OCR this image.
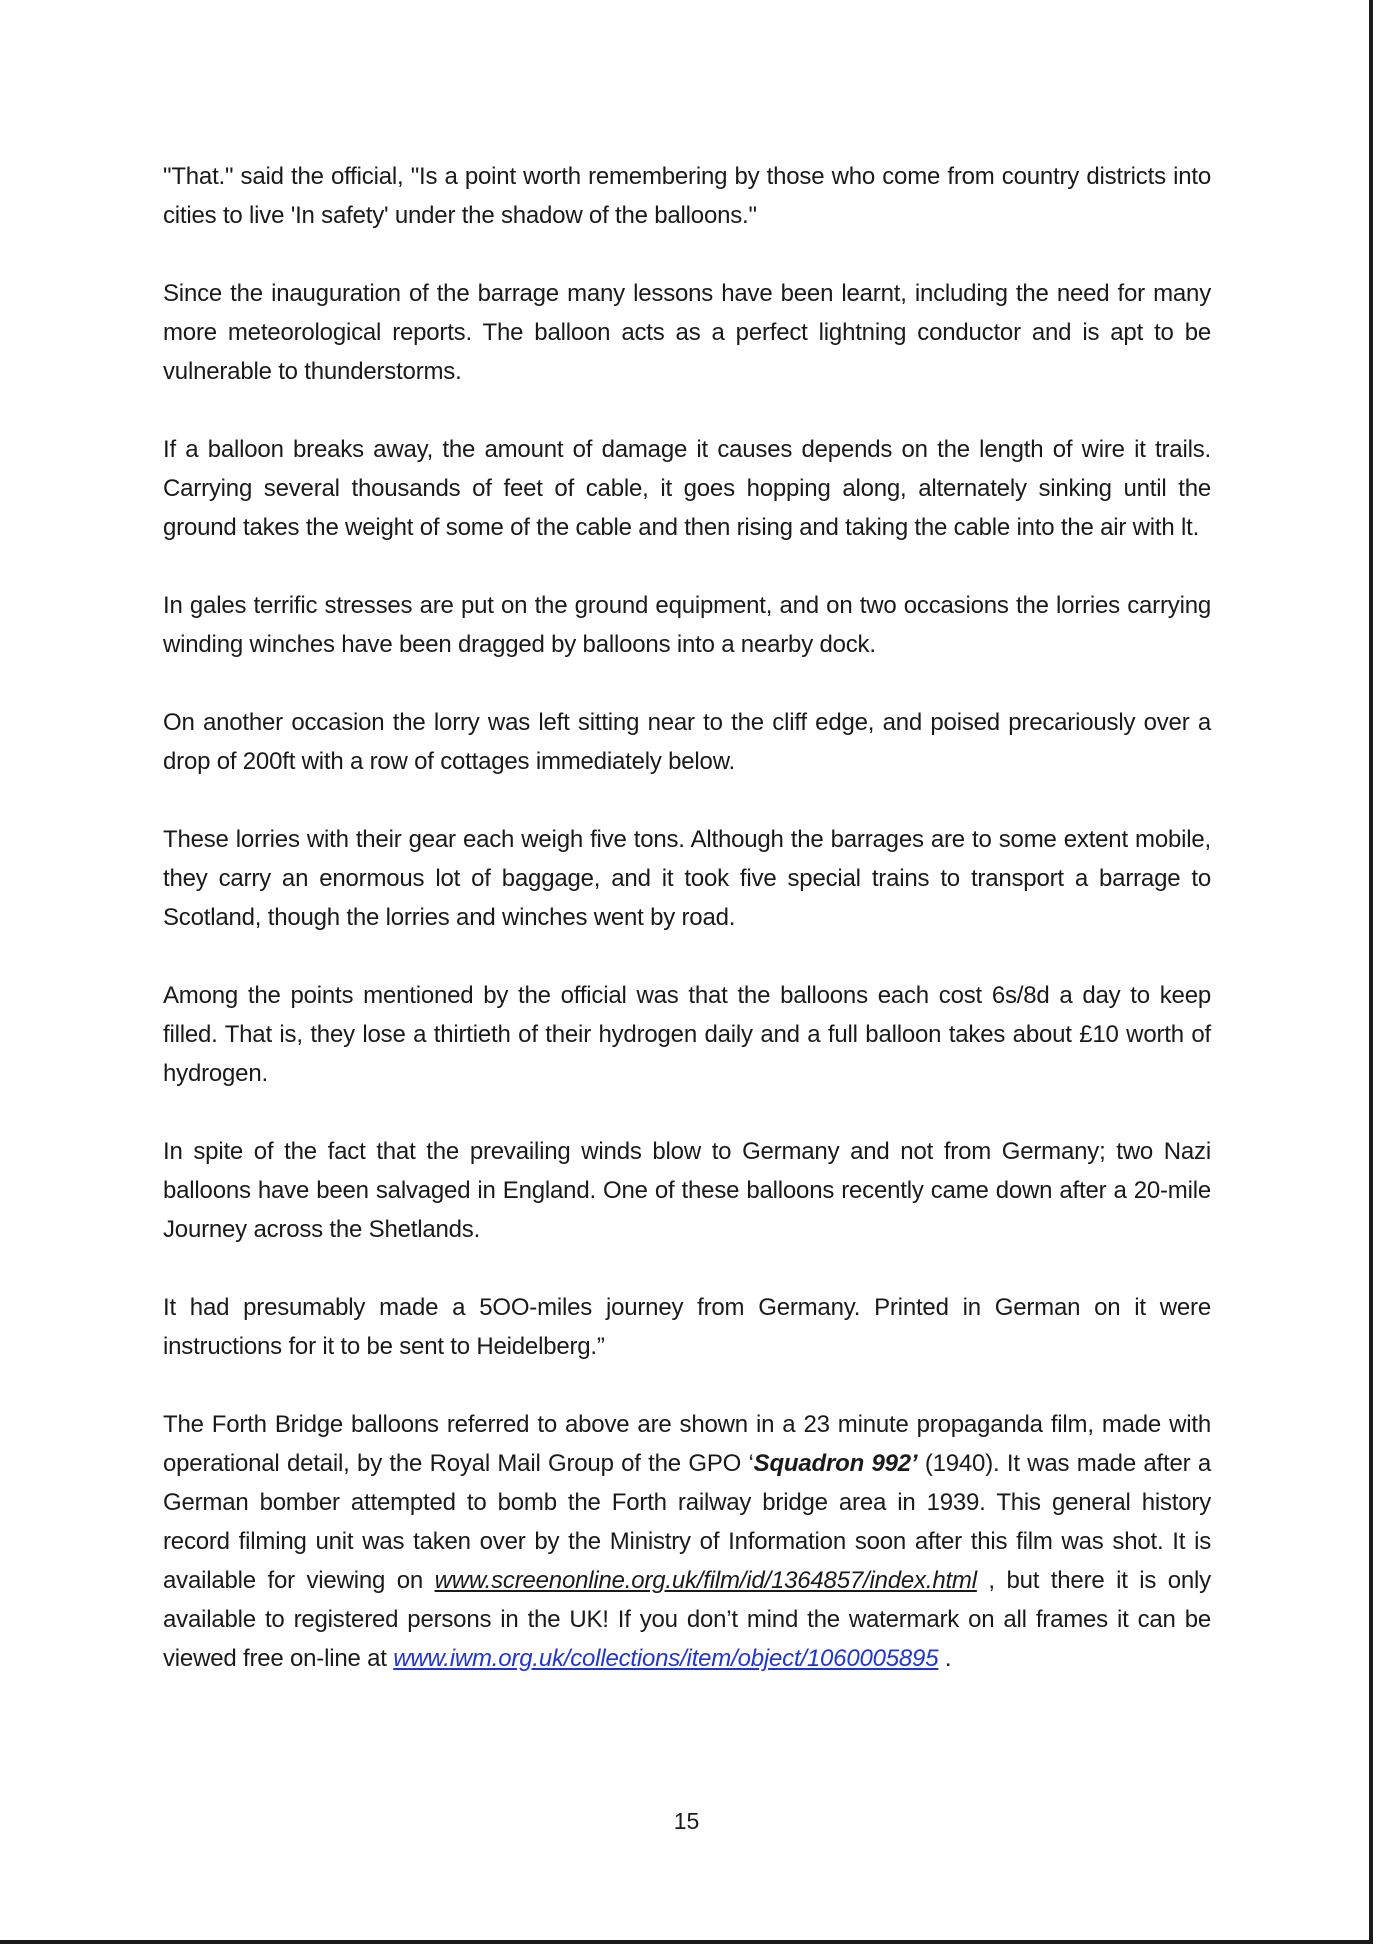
"That." said the official, "Is a point worth remembering by those who come from country districts into cities to live 'In safety' under the shadow of the balloons."

Since the inauguration of the barrage many lessons have been learnt, including the need for many more meteorological reports. The balloon acts as a perfect lightning conductor and is apt to be vulnerable to thunderstorms.

If a balloon breaks away, the amount of damage it causes depends on the length of wire it trails. Carrying several thousands of feet of cable, it goes hopping along, alternately sinking until the ground takes the weight of some of the cable and then rising and taking the cable into the air with lt.

In gales terrific stresses are put on the ground equipment, and on two occasions the lorries carrying winding winches have been dragged by balloons into a nearby dock.

On another occasion the lorry was left sitting near to the cliff edge, and poised precariously over a drop of 200ft with a row of cottages immediately below.

These lorries with their gear each weigh five tons. Although the barrages are to some extent mobile, they carry an enormous lot of baggage, and it took five special trains to transport a barrage to Scotland, though the lorries and winches went by road.

Among the points mentioned by the official was that the balloons each cost 6s/8d a day to keep filled. That is, they lose a thirtieth of their hydrogen daily and a full balloon takes about £10 worth of hydrogen.

In spite of the fact that the prevailing winds blow to Germany and not from Germany; two Nazi balloons have been salvaged in England. One of these balloons recently came down after a 20-mile Journey across the Shetlands.

It had presumably made a 5OO-miles journey from Germany. Printed in German on it were instructions for it to be sent to Heidelberg.”

The Forth Bridge balloons referred to above are shown in a 23 minute propaganda film, made with operational detail, by the Royal Mail Group of the GPO ‘Squadron 992’ (1940). It was made after a German bomber attempted to bomb the Forth railway bridge area in 1939. This general history record filming unit was taken over by the Ministry of Information soon after this film was shot. It is available for viewing on www.screenonline.org.uk/film/id/1364857/index.html , but there it is only available to registered persons in the UK! If you don’t mind the watermark on all frames it can be viewed free on-line at www.iwm.org.uk/collections/item/object/1060005895 .

15
